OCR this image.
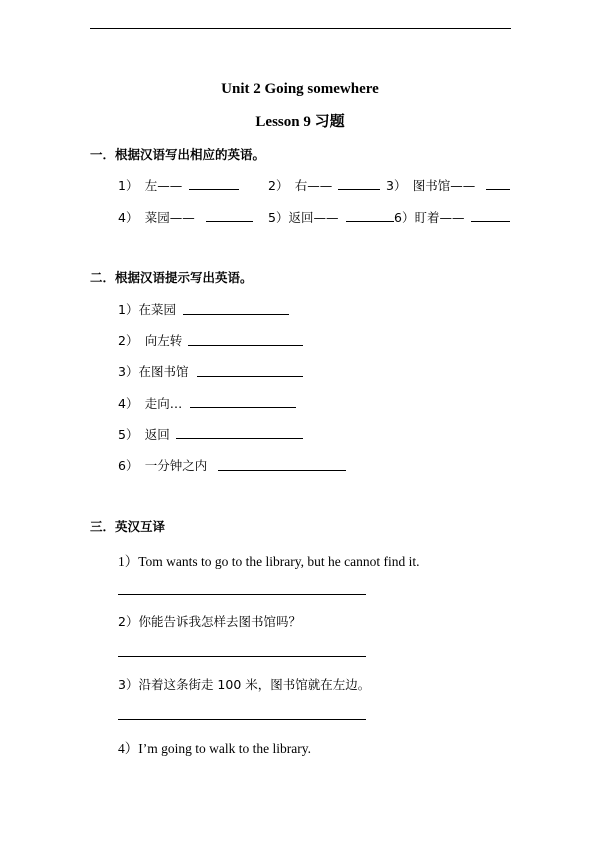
Unit 2 Going somewhere
Lesson 9 习题
一．根据汉语写出相应的英语。
1）　左——	2）　右——	3）　图书馆——
4）　菜园——	5）返回——	6）盯着——
二．根据汉语提示写出英语。
1）在菜园
2）　向左转
3）在图书馆
4）　走向…
5）　返回
6）　一分钟之内
三．英汉互译
1）Tom wants to go to the library, but he cannot find it.
2）你能告诉我怎样去图书馆吗？
3）沿着这条街走 100 米，图书馆就在左边。
4）I’m going to walk to the library.
